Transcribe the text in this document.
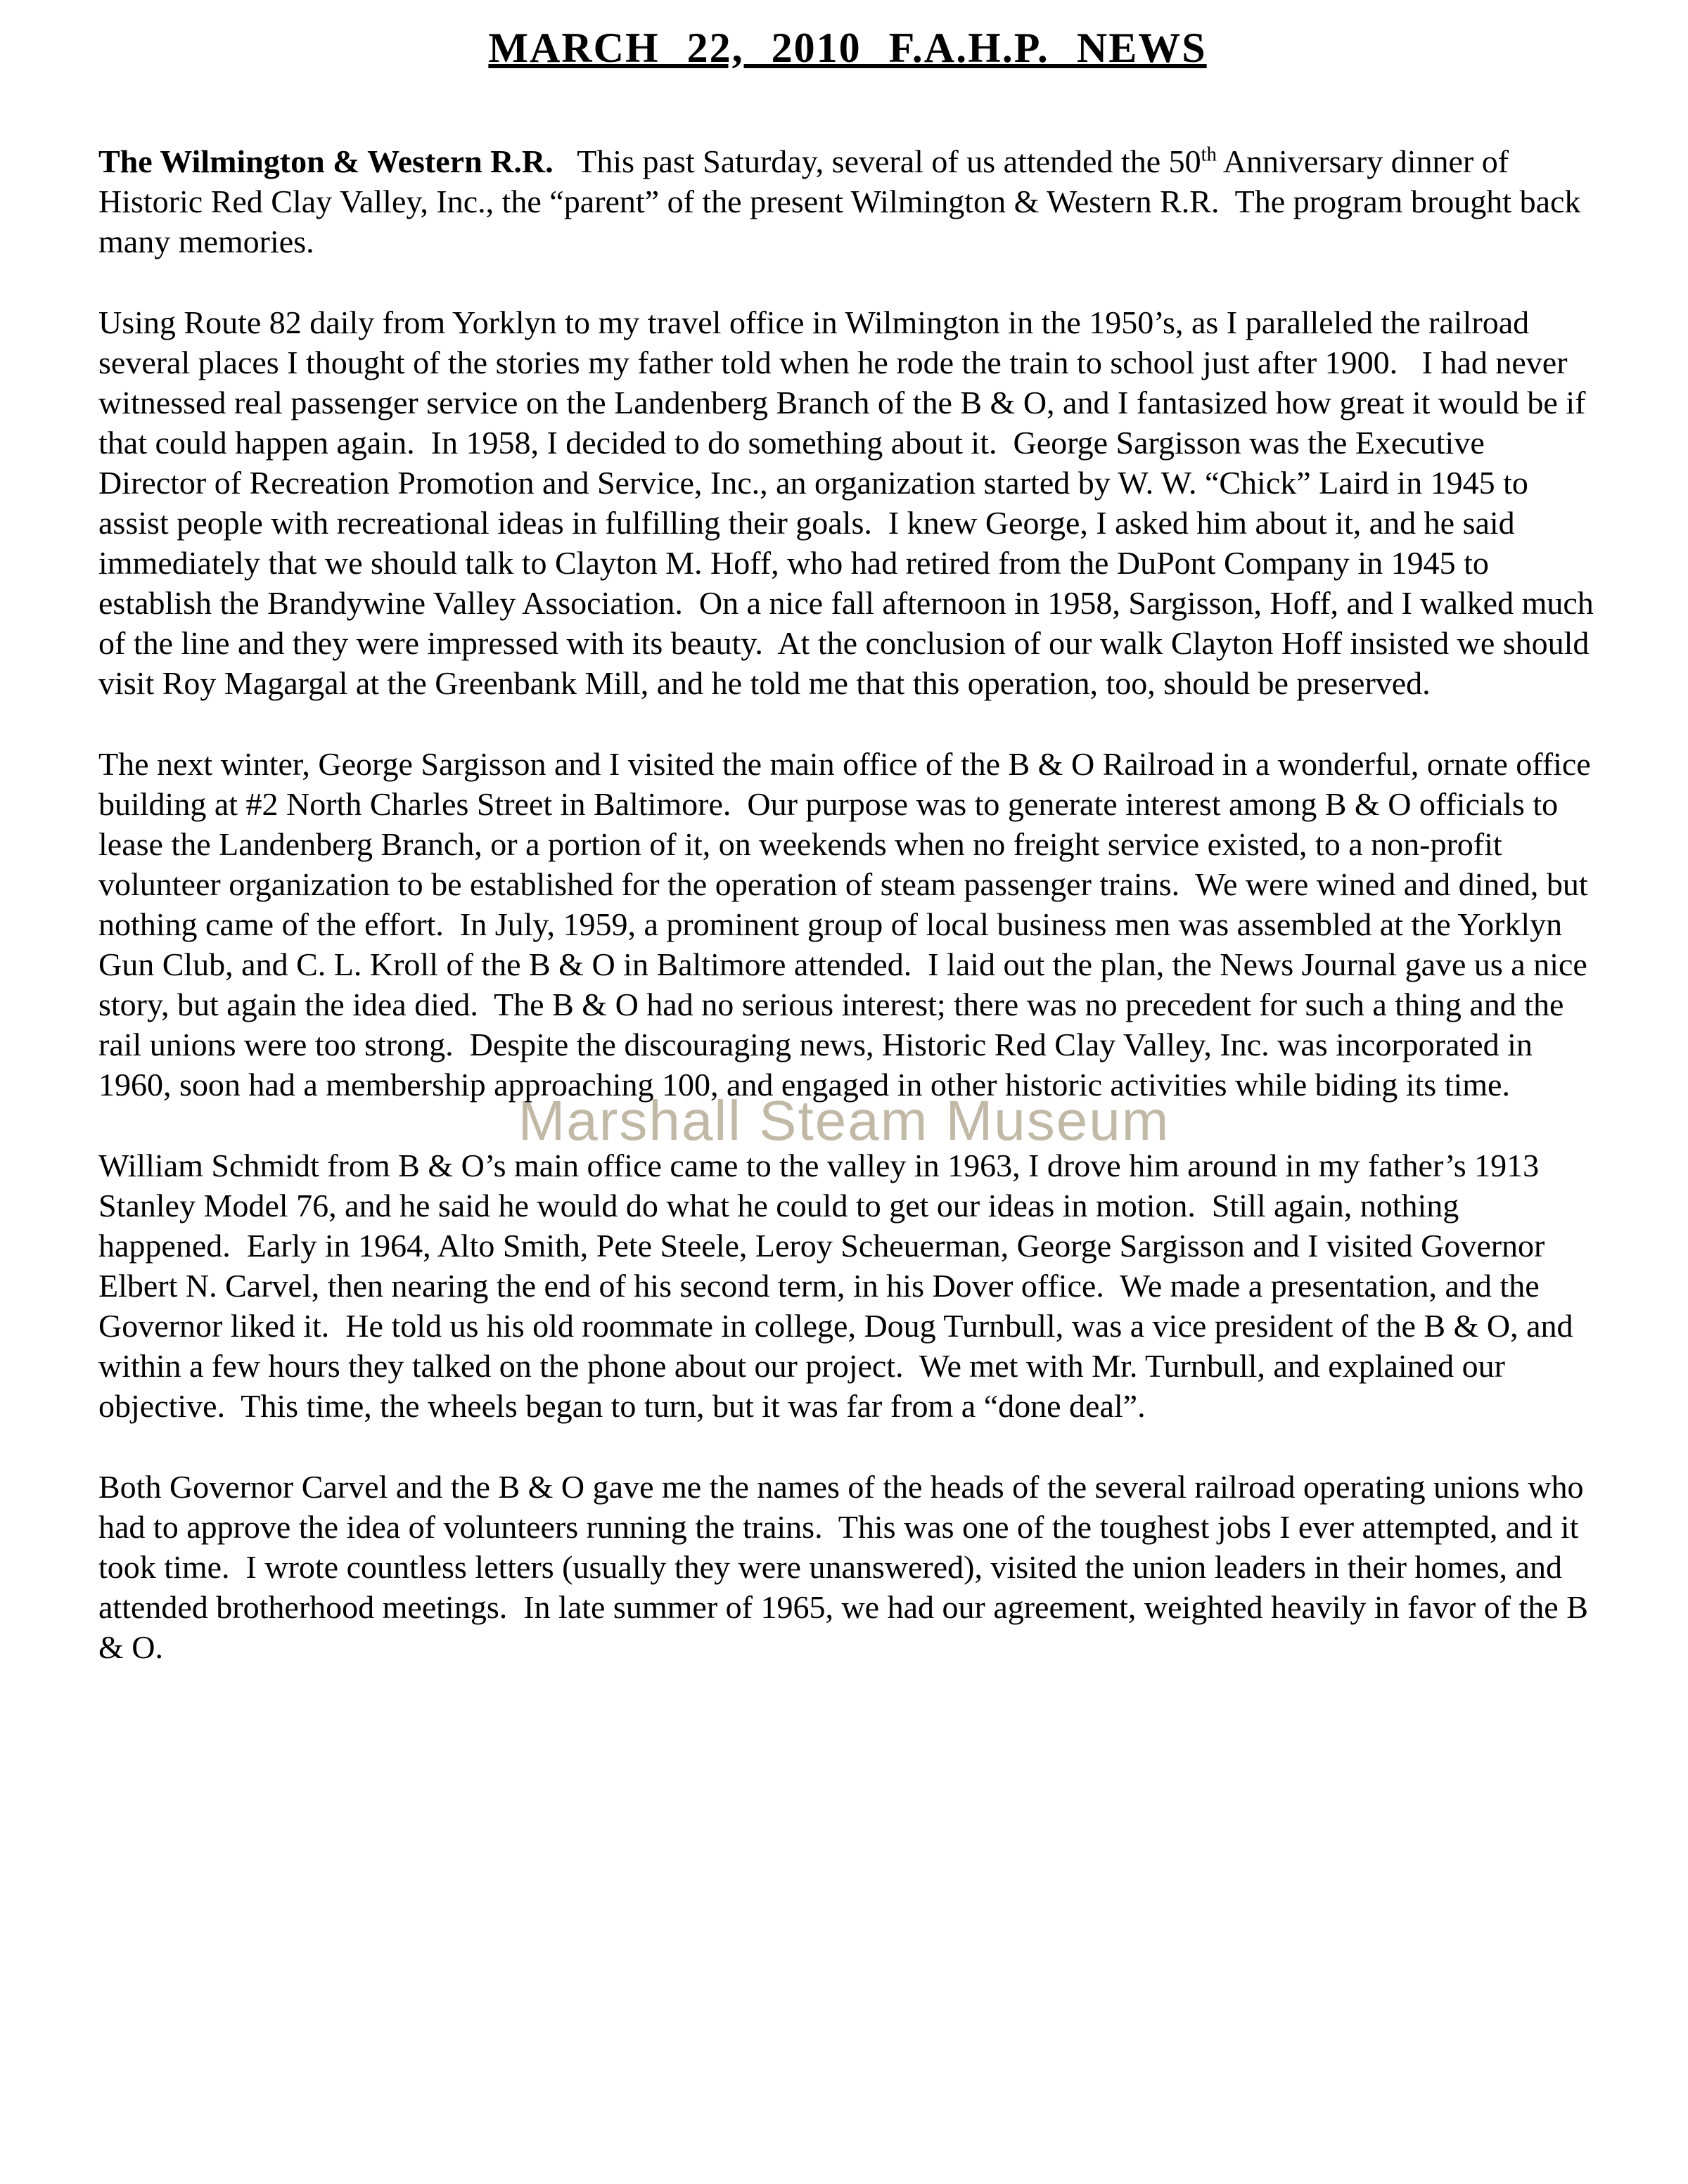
MARCH 22, 2010 F.A.H.P. NEWS

The Wilmington & Western R.R.   This past Saturday, several of us attended the 50th Anniversary dinner of Historic Red Clay Valley, Inc., the “parent” of the present Wilmington & Western R.R.  The program brought back many memories.

Using Route 82 daily from Yorklyn to my travel office in Wilmington in the 1950’s, as I paralleled the railroad several places I thought of the stories my father told when he rode the train to school just after 1900.   I had never witnessed real passenger service on the Landenberg Branch of the B & O, and I fantasized how great it would be if that could happen again.  In 1958, I decided to do something about it.  George Sargisson was the Executive Director of Recreation Promotion and Service, Inc., an organization started by W. W. “Chick” Laird in 1945 to assist people with recreational ideas in fulfilling their goals.  I knew George, I asked him about it, and he said immediately that we should talk to Clayton M. Hoff, who had retired from the DuPont Company in 1945 to establish the Brandywine Valley Association.  On a nice fall afternoon in 1958, Sargisson, Hoff, and I walked much of the line and they were impressed with its beauty.  At the conclusion of our walk Clayton Hoff insisted we should visit Roy Magargal at the Greenbank Mill, and he told me that this operation, too, should be preserved.

The next winter, George Sargisson and I visited the main office of the B & O Railroad in a wonderful, ornate office building at #2 North Charles Street in Baltimore.  Our purpose was to generate interest among B & O officials to lease the Landenberg Branch, or a portion of it, on weekends when no freight service existed, to a non-profit volunteer organization to be established for the operation of steam passenger trains.  We were wined and dined, but nothing came of the effort.  In July, 1959, a prominent group of local business men was assembled at the Yorklyn Gun Club, and C. L. Kroll of the B & O in Baltimore attended.  I laid out the plan, the News Journal gave us a nice story, but again the idea died.  The B & O had no serious interest; there was no precedent for such a thing and the rail unions were too strong.  Despite the discouraging news, Historic Red Clay Valley, Inc. was incorporated in 1960, soon had a membership approaching 100, and engaged in other historic activities while biding its time.

William Schmidt from B & O’s main office came to the valley in 1963, I drove him around in my father’s 1913 Stanley Model 76, and he said he would do what he could to get our ideas in motion.  Still again, nothing happened.  Early in 1964, Alto Smith, Pete Steele, Leroy Scheuerman, George Sargisson and I visited Governor Elbert N. Carvel, then nearing the end of his second term, in his Dover office.  We made a presentation, and the Governor liked it.  He told us his old roommate in college, Doug Turnbull, was a vice president of the B & O, and within a few hours they talked on the phone about our project.  We met with Mr. Turnbull, and explained our objective.  This time, the wheels began to turn, but it was far from a “done deal”.

Both Governor Carvel and the B & O gave me the names of the heads of the several railroad operating unions who had to approve the idea of volunteers running the trains.  This was one of the toughest jobs I ever attempted, and it took time.  I wrote countless letters (usually they were unanswered), visited the union leaders in their homes, and attended brotherhood meetings.  In late summer of 1965, we had our agreement, weighted heavily in favor of the B & O.

Marshall Steam Museum
